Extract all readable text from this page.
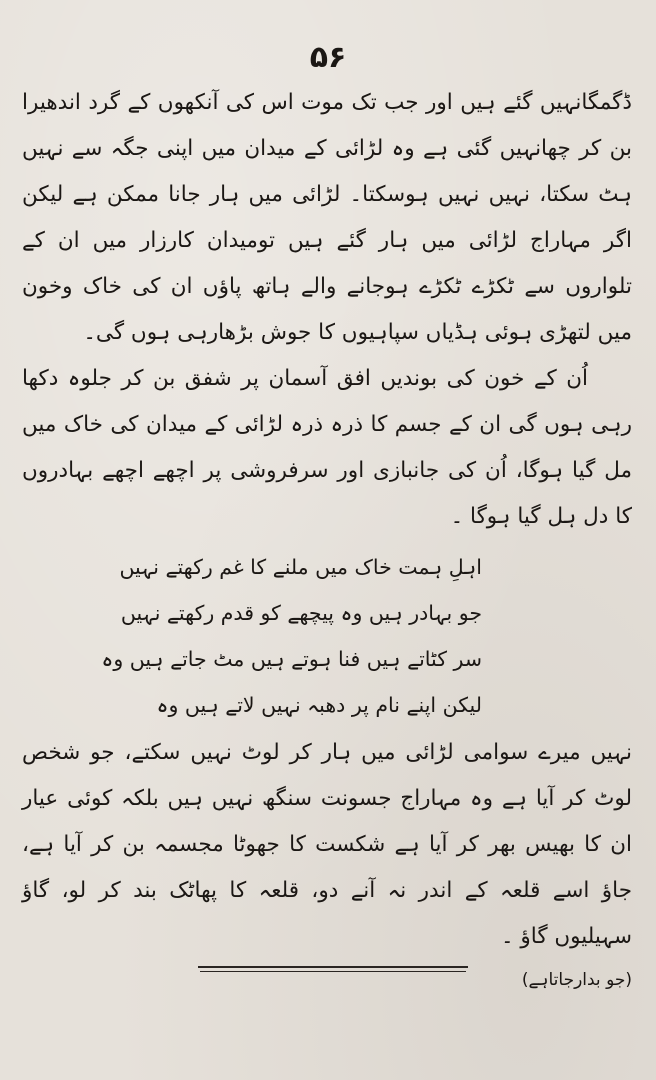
۵۶

ڈگمگانہیں گئے ہیں اور جب تک موت اس کی آنکھوں کے گرد اندھیرا بن کر چھانہیں گئی ہے وہ لڑائی کے میدان میں اپنی جگہ سے نہیں ہٹ سکتا، نہیں نہیں ہوسکتا۔ لڑائی میں ہار جانا ممکن ہے لیکن اگر مہاراج لڑائی میں ہار گئے ہیں تومیدان کارزار میں ان کے تلواروں سے ٹکڑے ٹکڑے ہوجانے والے ہاتھ پاؤں ان کی خاک وخون میں لتھڑی ہوئی ہڈیاں سپاہیوں کا جوش بڑھارہی ہوں گی۔

اُن کے خون کی بوندیں افق آسمان پر شفق بن کر جلوہ دکھا رہی ہوں گی ان کے جسم کا ذرہ ذرہ لڑائی کے میدان کی خاک میں مل گیا ہوگا، اُن کی جانبازی اور سرفروشی پر اچھے اچھے بہادروں کا دل ہل گیا ہوگا ۔

اہلِ ہمت خاک میں ملنے کا غم رکھتے نہیں
جو بہادر ہیں وہ پیچھے کو قدم رکھتے نہیں
سر کٹاتے ہیں فنا ہوتے ہیں مٹ جاتے ہیں وہ
لیکن اپنے نام پر دھبہ نہیں لاتے ہیں وہ

نہیں میرے سوامی لڑائی میں ہار کر لوٹ نہیں سکتے، جو شخص لوٹ کر آیا ہے وہ مہاراج جسونت سنگھ نہیں ہیں بلکہ کوئی عیار ان کا بھیس بھر کر آیا ہے شکست کا جھوٹا مجسمہ بن کر آیا ہے، جاؤ اسے قلعہ کے اندر نہ آنے دو، قلعہ کا پھاٹک بند کر لو، گاؤ سہیلیوں گاؤ ۔

(جو بدارجاتاہے)
